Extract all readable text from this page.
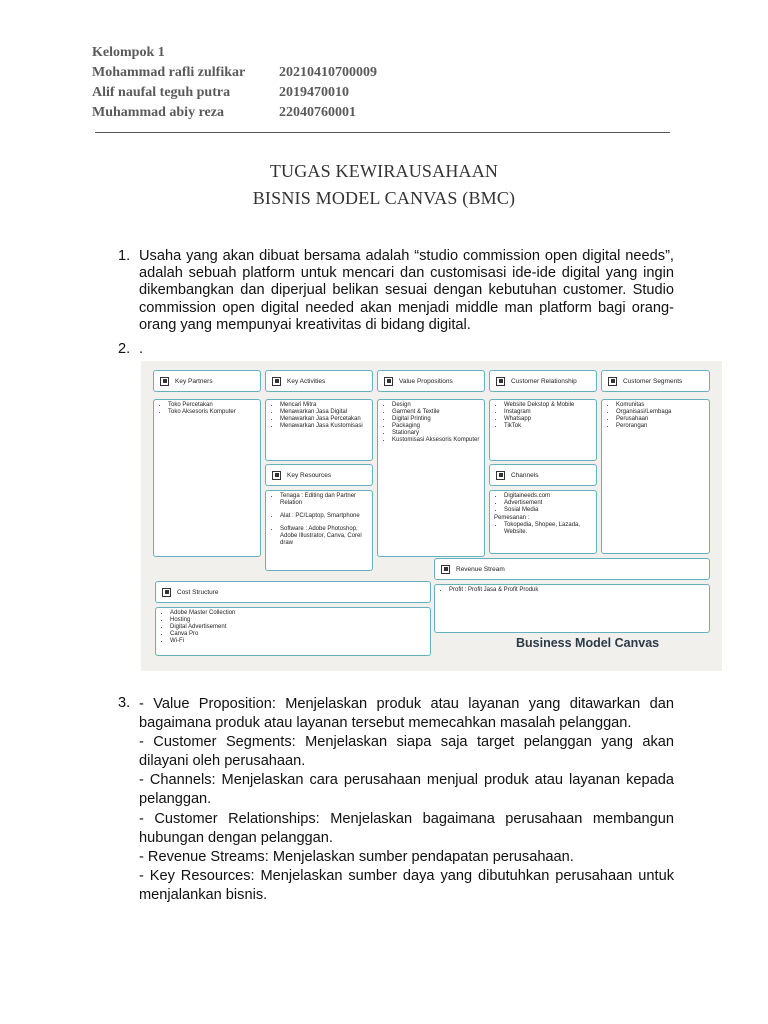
Kelompok 1
Mohammad rafli zulfikar	20210410700009
Alif naufal teguh putra	2019470010
Muhammad abiy reza	22040760001
TUGAS KEWIRAUSAHAAN
BISNIS MODEL CANVAS (BMC)
1. Usaha yang akan dibuat bersama adalah “studio commission open digital needs”, adalah sebuah platform untuk mencari dan customisasi ide-ide digital yang ingin dikembangkan dan diperjual belikan sesuai dengan kebutuhan customer. Studio commission open digital needed akan menjadi middle man platform bagi orang-orang yang mempunyai kreativitas di bidang digital.
2. .
Key Partners
• Toko Percetakan
• Toko Aksesoris Komputer
Key Activities
• Mencari Mitra
• Menawarkan Jasa Digital
• Menawarkan Jasa Percetakan
• Menawarkan Jasa Kustomisasi
Key Resources
• Tenaga : Editing dan Partner Relation
• Alat : PC/Laptop, Smartphone
• Software : Adobe Photoshop, Adobe Illustrator, Canva, Corel draw
Value Propositions
• Design
• Garment & Textile
• Digital Printing
• Packaging
• Stationary
• Kustomisasi Aksesoris Komputer
Customer Relationship
• Website Dekstop & Mobile
• Instagram
• Whatsapp
• TikTok
Channels
• Digitaineeds.com
• Advertisement
• Sosial Media
Pemesanan :
• Tokopedia, Shopee, Lazada, Website.
Customer Segments
• Komunitas
• Organisasi/Lembaga
• Perusahaan
• Perorangan
Revenue Stream
• Profit : Profit Jasa & Profit Produk
Cost Structure
• Adobe Master Collection
• Hosting
• Digital Advertisement
• Canva Pro
• Wi-Fi	Business Model Canvas
3. - Value Proposition: Menjelaskan produk atau layanan yang ditawarkan dan bagaimana produk atau layanan tersebut memecahkan masalah pelanggan.
- Customer Segments: Menjelaskan siapa saja target pelanggan yang akan dilayani oleh perusahaan.
- Channels: Menjelaskan cara perusahaan menjual produk atau layanan kepada pelanggan.
- Customer Relationships: Menjelaskan bagaimana perusahaan membangun hubungan dengan pelanggan.
- Revenue Streams: Menjelaskan sumber pendapatan perusahaan.
- Key Resources: Menjelaskan sumber daya yang dibutuhkan perusahaan untuk menjalankan bisnis.
